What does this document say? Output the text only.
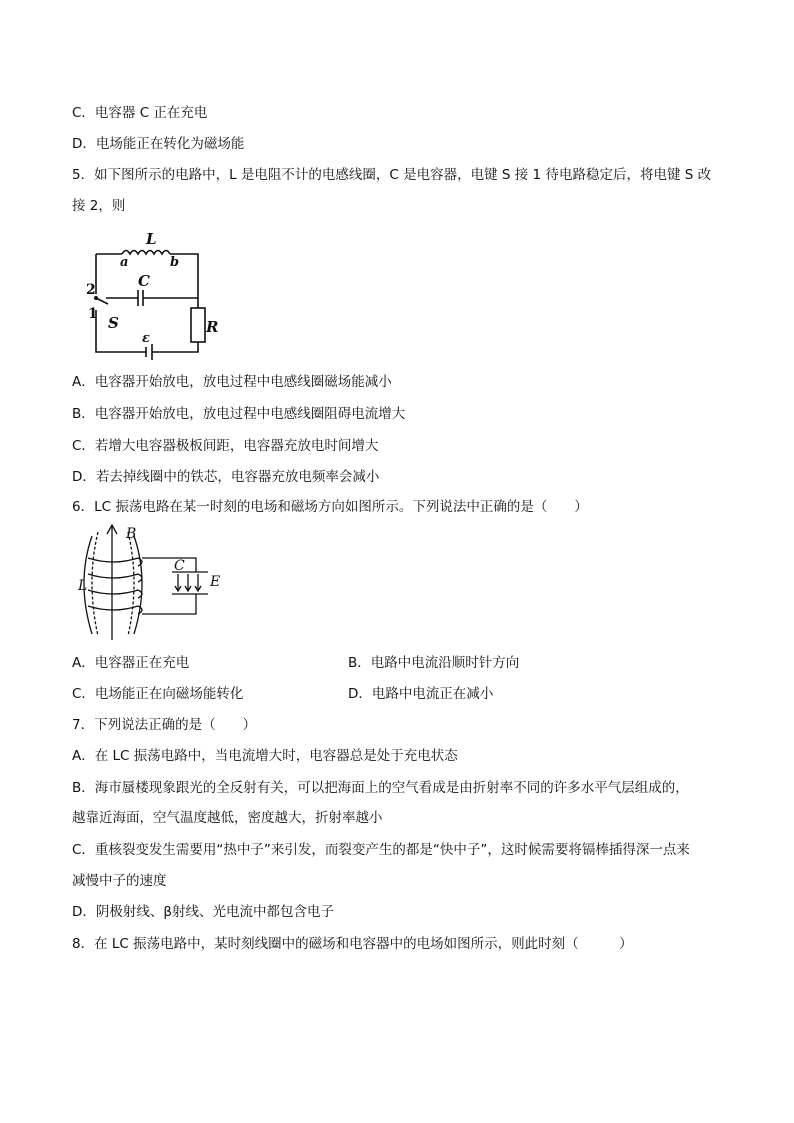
C．电容器 C 正在充电
D．电场能正在转化为磁场能
5．如下图所示的电路中，L 是电阻不计的电感线圈，C 是电容器，电键 S 接 1 待电路稳定后，将电键 S 改
接 2，则
L
a	b
2	C
1 S	R
ε
A．电容器开始放电，放电过程中电感线圈磁场能减小
B．电容器开始放电，放电过程中电感线圈阻碍电流增大
C．若增大电容器极板间距，电容器充放电时间增大
D．若去掉线圈中的铁芯，电容器充放电频率会减小
6．LC 振荡电路在某一时刻的电场和磁场方向如图所示。下列说法中正确的是（　　）
B
L
C
E
A．电容器正在充电	B．电路中电流沿顺时针方向
C．电场能正在向磁场能转化	D．电路中电流正在减小
7．下列说法正确的是（　　）
A．在 LC 振荡电路中，当电流增大时，电容器总是处于充电状态
B．海市蜃楼现象跟光的全反射有关，可以把海面上的空气看成是由折射率不同的许多水平气层组成的，
越靠近海面，空气温度越低，密度越大，折射率越小
C．重核裂变发生需要用“热中子”来引发，而裂变产生的都是“快中子”，这时候需要将镉棒插得深一点来
减慢中子的速度
D．阴极射线、β射线、光电流中都包含电子
8．在 LC 振荡电路中，某时刻线圈中的磁场和电容器中的电场如图所示，则此时刻（　　　）
